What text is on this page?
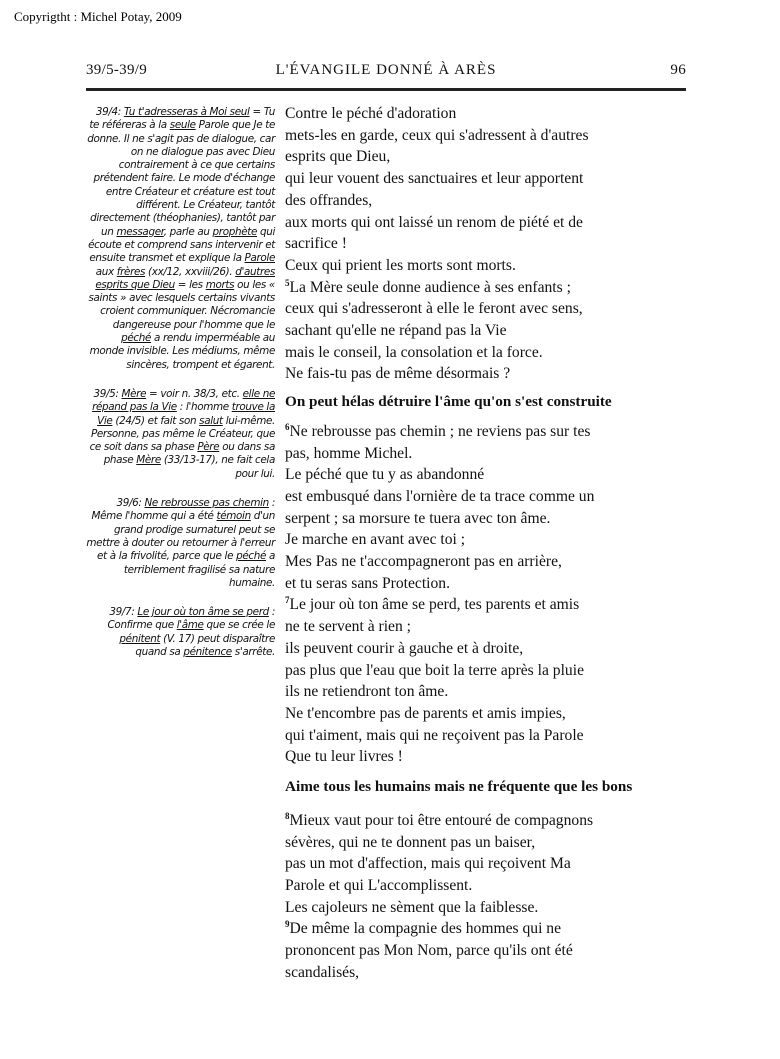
Copyrigtht : Michel Potay, 2009
39/5-39/9	L'ÉVANGILE DONNÉ À ARÈS	96

39/4: Tu t'adresseras à Moi seul = Tu te référeras à la seule Parole que Je te donne. Il ne s'agit pas de dialogue, car on ne dialogue pas avec Dieu contrairement à ce que certains prétendent faire. Le mode d'échange entre Créateur et créature est tout différent. Le Créateur, tantôt directement (théophanies), tantôt par un messager, parle au prophète qui écoute et comprend sans intervenir et ensuite transmet et explique la Parole aux frères (xx/12, xxviii/26). d'autres esprits que Dieu = les morts ou les « saints » avec lesquels certains vivants croient communiquer. Nécromancie dangereuse pour l'homme que le péché a rendu imperméable au monde invisible. Les médiums, même sincères, trompent et égarent.

39/5: Mère = voir n. 38/3, etc. elle ne répand pas la Vie : l'homme trouve la Vie (24/5) et fait son salut lui-même. Personne, pas même le Créateur, que ce soit dans sa phase Père ou dans sa phase Mère (33/13-17), ne fait cela pour lui.

39/6: Ne rebrousse pas chemin : Même l'homme qui a été témoin d'un grand prodige surnaturel peut se mettre à douter ou retourner à l'erreur et à la frivolité, parce que le péché a terriblement fragilisé sa nature humaine.

39/7: Le jour où ton âme se perd : Confirme que l'âme que se crée le pénitent (V. 17) peut disparaître quand sa pénitence s'arrête.

Contre le péché d'adoration

mets-les en garde, ceux qui s'adressent à d'autres

esprits que Dieu,

qui leur vouent des sanctuaires et leur apportent

des offrandes,

aux morts qui ont laissé un renom de piété et de

sacrifice !

Ceux qui prient les morts sont morts.

$^5$La Mère seule donne audience à ses enfants ;

ceux qui s'adresseront à elle le feront avec sens,

sachant qu'elle ne répand pas la Vie

mais le conseil, la consolation et la force.

Ne fais-tu pas de même désormais ?

On peut hélas détruire l'âme qu'on s'est construite

$^6$Ne rebrousse pas chemin ; ne reviens pas sur tes

pas, homme Michel.

Le péché que tu y as abandonné

est embusqué dans l'ornière de ta trace comme un

serpent ; sa morsure te tuera avec ton âme.

Je marche en avant avec toi ;

Mes Pas ne t'accompagneront pas en arrière,

et tu seras sans Protection.

$^7$Le jour où ton âme se perd, tes parents et amis

ne te servent à rien ;

ils peuvent courir à gauche et à droite,

pas plus que l'eau que boit la terre après la pluie

ils ne retiendront ton âme.

Ne t'encombre pas de parents et amis impies,

qui t'aiment, mais qui ne reçoivent pas la Parole

Que tu leur livres !

Aime tous les humains mais ne fréquente que les bons

$^8$Mieux vaut pour toi être entouré de compagnons

sévères, qui ne te donnent pas un baiser,

pas un mot d'affection, mais qui reçoivent Ma

Parole et qui L'accomplissent.

Les cajoleurs ne sèment que la faiblesse.

$^9$De même la compagnie des hommes qui ne

prononcent pas Mon Nom, parce qu'ils ont été

scandalisés,
